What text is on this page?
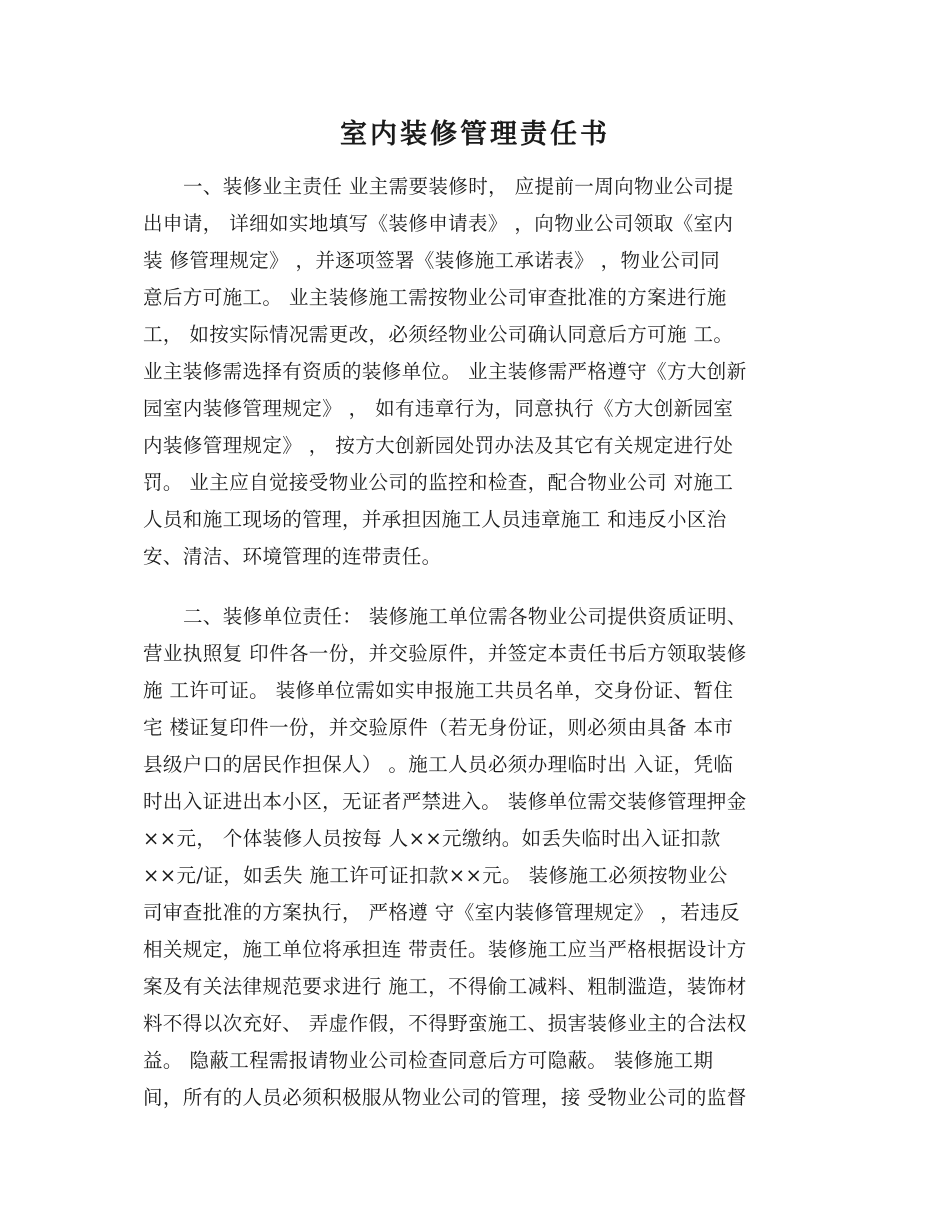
室内装修管理责任书
一、装修业主责任 业主需要装修时， 应提前一周向物业公司提
出申请， 详细如实地填写《装修申请表》 ，向物业公司领取《室内
装 修管理规定》 ，并逐项签署《装修施工承诺表》 ，物业公司同
意后方可施工。 业主装修施工需按物业公司审查批准的方案进行施
工， 如按实际情况需更改，必须经物业公司确认同意后方可施 工。
业主装修需选择有资质的装修单位。 业主装修需严格遵守《方大创新
园室内装修管理规定》 ， 如有违章行为，同意执行《方大创新园室
内装修管理规定》 ， 按方大创新园处罚办法及其它有关规定进行处
罚。 业主应自觉接受物业公司的监控和检查，配合物业公司 对施工
人员和施工现场的管理，并承担因施工人员违章施工 和违反小区治
安、清洁、环境管理的连带责任。
二、装修单位责任： 装修施工单位需各物业公司提供资质证明、
营业执照复 印件各一份，并交验原件，并签定本责任书后方领取装修
施 工许可证。 装修单位需如实申报施工共员名单，交身份证、暂住
宅 楼证复印件一份，并交验原件（若无身份证，则必须由具备 本市
县级户口的居民作担保人） 。施工人员必须办理临时出 入证，凭临
时出入证进出本小区，无证者严禁进入。 装修单位需交装修管理押金
××元， 个体装修人员按每 人××元缴纳。如丢失临时出入证扣款
××元/证，如丢失 施工许可证扣款××元。 装修施工必须按物业公
司审查批准的方案执行， 严格遵 守《室内装修管理规定》 ，若违反
相关规定，施工单位将承担连 带责任。装修施工应当严格根据设计方
案及有关法律规范要求进行 施工，不得偷工减料、粗制滥造，装饰材
料不得以次充好、 弄虚作假，不得野蛮施工、损害装修业主的合法权
益。 隐蔽工程需报请物业公司检查同意后方可隐蔽。 装修施工期
间，所有的人员必须积极服从物业公司的管理，接 受物业公司的监督
